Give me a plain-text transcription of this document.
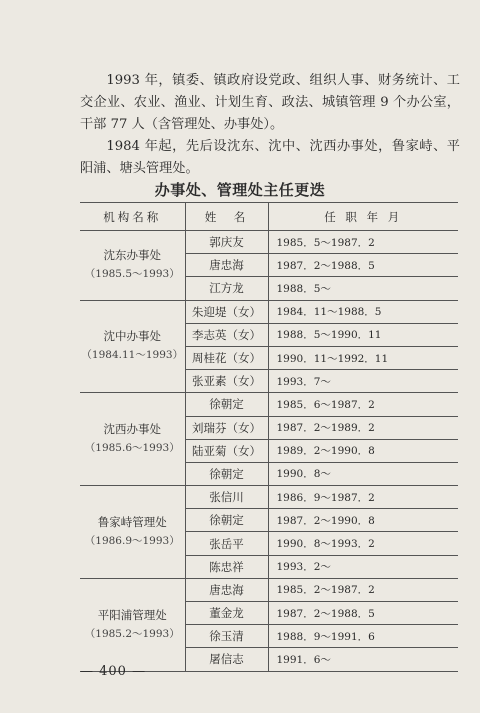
1993 年，镇委、镇政府设党政、组织人事、财务统计、工交企业、农业、渔业、计划生育、政法、城镇管理 9 个办公室，干部 77 人（含管理处、办事处）。

1984 年起，先后设沈东、沈中、沈西办事处，鲁家峙、平阳浦、塘头管理处。

办事处、管理处主任更迭
机构名称	姓　名	任 职 年 月

沈东办事处
（1985.5～1993）	郭庆友	1985．5～1987．2
	唐忠海	1987．2～1988．5
	江方龙	1988．5～

沈中办事处
（1984.11～1993）	朱迎堤（女）	1984．11～1988．5
	李志英（女）	1988．5～1990．11
	周桂花（女）	1990．11～1992．11
	张亚素（女）	1993．7～

沈西办事处
（1985.6～1993）	徐朝定	1985．6～1987．2
	刘瑞芬（女）	1987．2～1989．2
	陆亚菊（女）	1989．2～1990．8
	徐朝定	1990．8～

鲁家峙管理处
（1986.9～1993）	张信川	1986．9～1987．2
	徐朝定	1987．2～1990．8
	张岳平	1990．8～1993．2
	陈忠祥	1993．2～

平阳浦管理处
（1985.2～1993）	唐忠海	1985．2～1987．2
	董金龙	1987．2～1988．5
	徐玉清	1988．9～1991．6
	屠信志	1991．6～
— 400 —
